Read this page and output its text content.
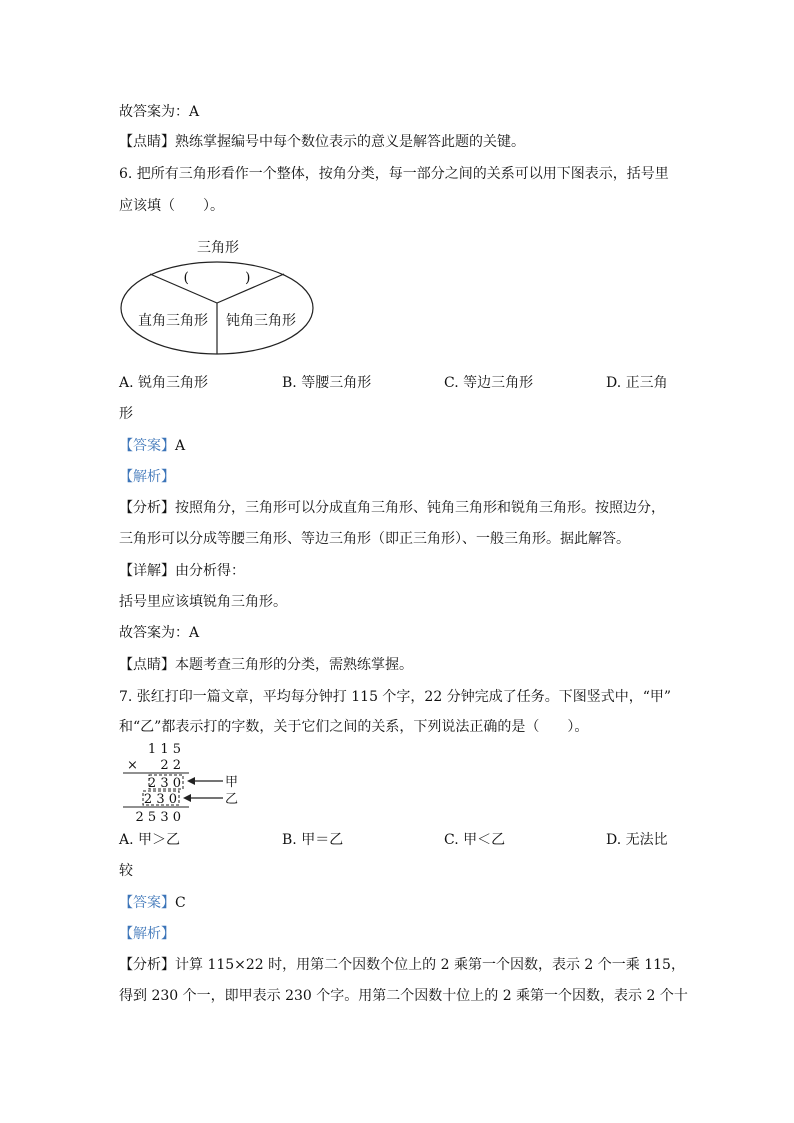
故答案为：A
【点睛】熟练掌握编号中每个数位表示的意义是解答此题的关键。
6. 把所有三角形看作一个整体，按角分类，每一部分之间的关系可以用下图表示，括号里
应该填（　　）。
三角形
(　　　　)
直角三角形 钝角三角形
A. 锐角三角形	B. 等腰三角形	C. 等边三角形	D. 正三角
形
【答案】A
【解析】
【分析】按照角分，三角形可以分成直角三角形、钝角三角形和锐角三角形。按照边分，
三角形可以分成等腰三角形、等边三角形（即正三角形）、一般三角形。据此解答。
【详解】由分析得：
括号里应该填锐角三角形。
故答案为：A
【点睛】本题考查三角形的分类，需熟练掌握。
7. 张红打印一篇文章，平均每分钟打 115 个字，22 分钟完成了任务。下图竖式中，“甲”
和“乙”都表示打的字数，关于它们之间的关系，下列说法正确的是（　　）。
1 1 5
× 2 2
2 3 0
2 3 0
2 5 3 0
甲
乙
A. 甲＞乙	B. 甲＝乙	C. 甲＜乙	D. 无法比
较
【答案】C
【解析】
【分析】计算 115×22 时，用第二个因数个位上的 2 乘第一个因数，表示 2 个一乘 115，
得到 230 个一，即甲表示 230 个字。用第二个因数十位上的 2 乘第一个因数，表示 2 个十
